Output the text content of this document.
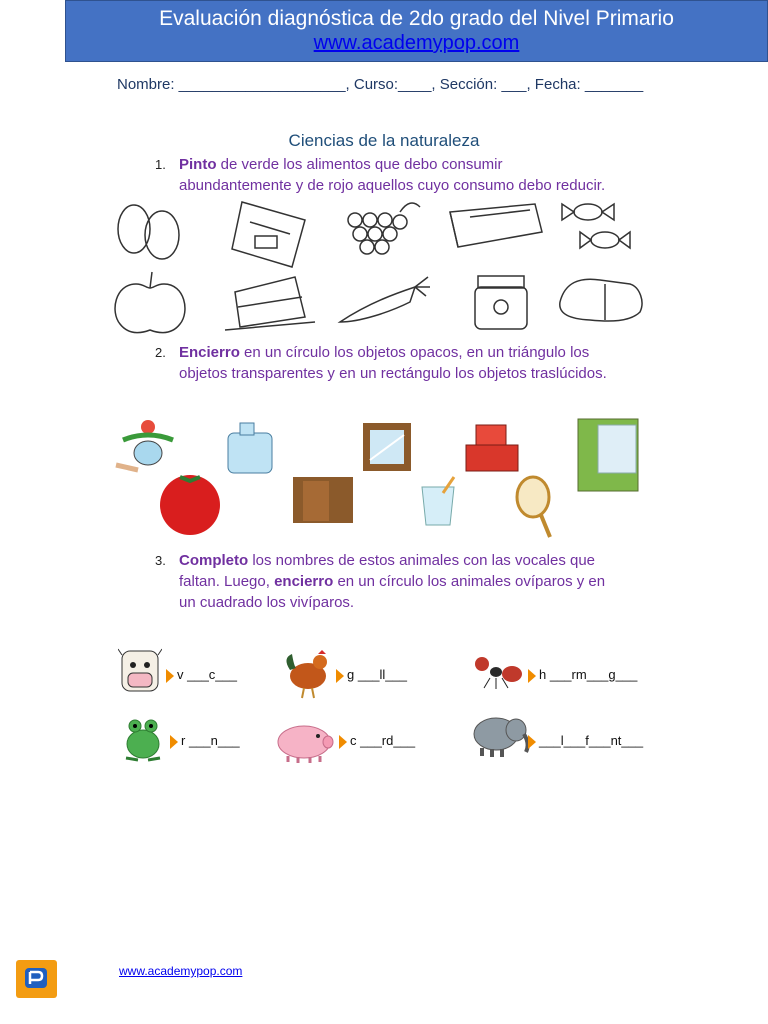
Evaluación diagnóstica de 2do grado del Nivel Primario
www.academypop.com
Nombre: ____________________, Curso:____, Sección: ___, Fecha: _______
Ciencias de la naturaleza
1. Pinto de verde los alimentos que debo consumir
abundantemente y de rojo aquellos cuyo consumo debo reducir.
2. Encierro en un círculo los objetos opacos, en un triángulo los
objetos transparentes y en un rectángulo los objetos traslúcidos.
3. Completo los nombres de estos animales con las vocales que
faltan. Luego, encierro en un círculo los animales ovíparos y en
un cuadrado los vivíparos.
v ___c___	g ___ll___	h ___rm___g___
r ___n___	c ___rd___	___l___f___nt___
www.academypop.com
